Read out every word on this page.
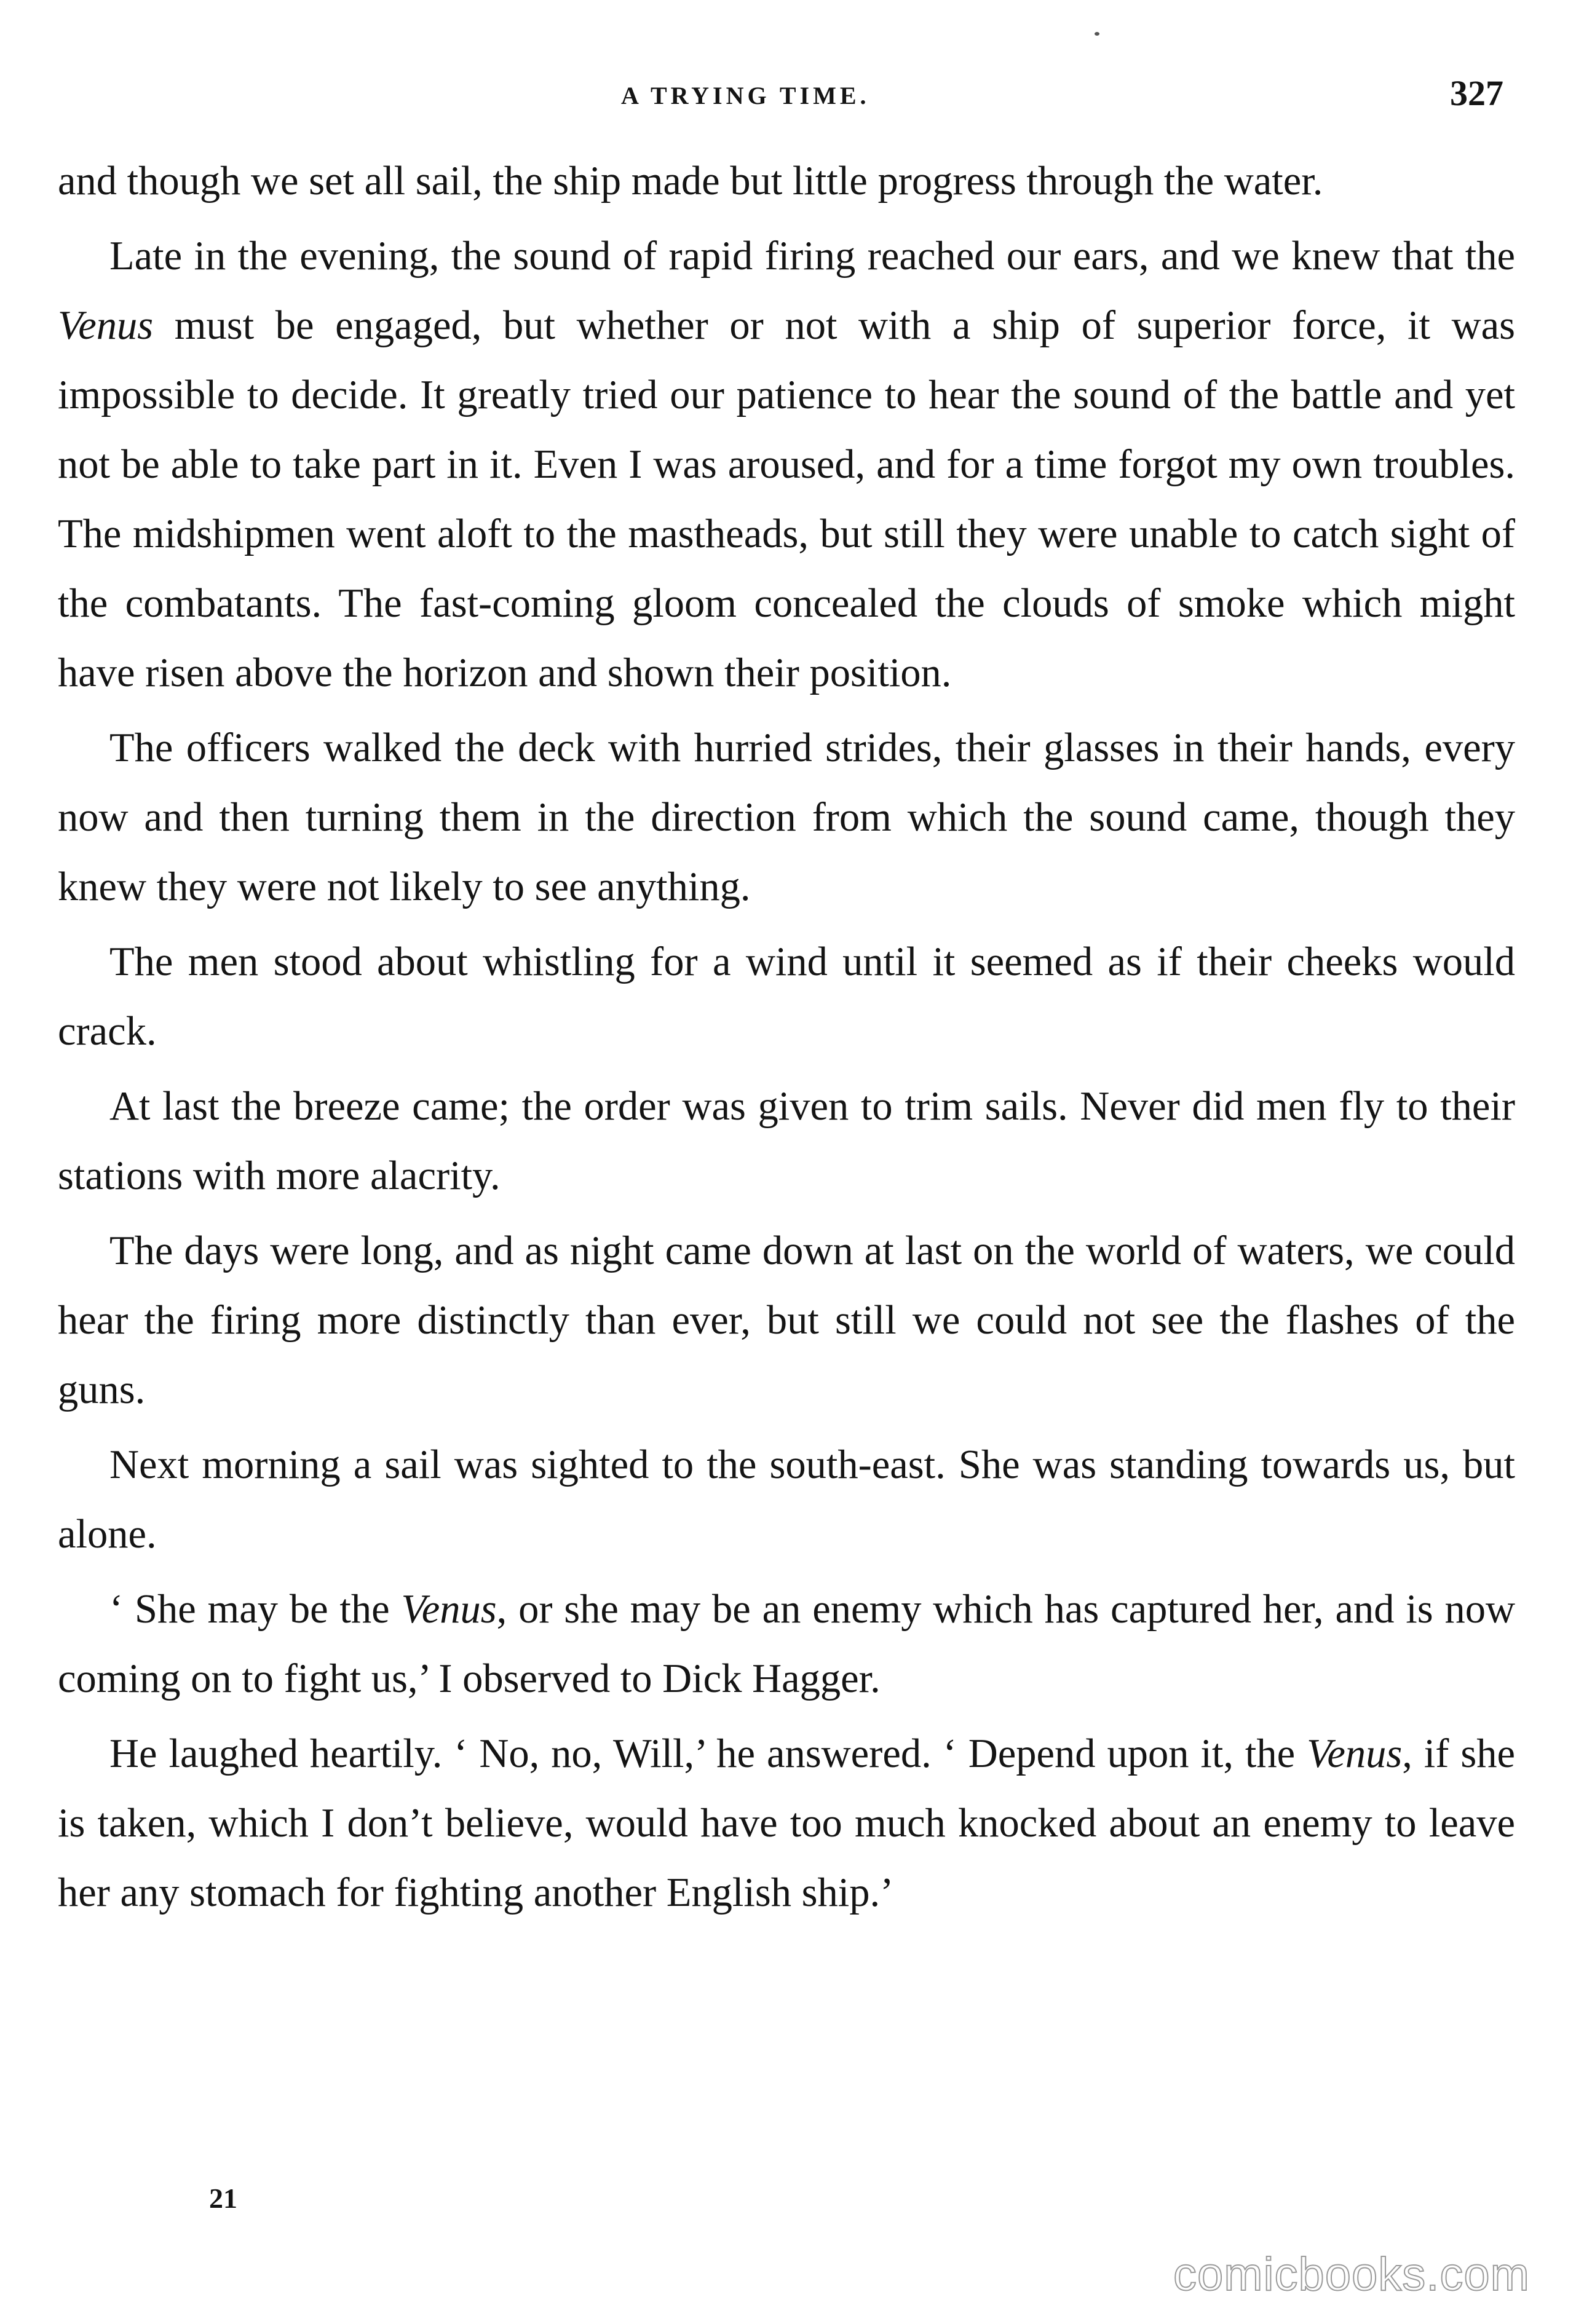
A TRYING TIME.	327

and though we set all sail, the ship made but little progress through the water.

Late in the evening, the sound of rapid firing reached our ears, and we knew that the Venus must be engaged, but whether or not with a ship of superior force, it was impossible to decide. It greatly tried our patience to hear the sound of the battle and yet not be able to take part in it. Even I was aroused, and for a time forgot my own troubles. The midshipmen went aloft to the mastheads, but still they were unable to catch sight of the combatants. The fast-coming gloom concealed the clouds of smoke which might have risen above the horizon and shown their position.

The officers walked the deck with hurried strides, their glasses in their hands, every now and then turning them in the direction from which the sound came, though they knew they were not likely to see anything.

The men stood about whistling for a wind until it seemed as if their cheeks would crack.

At last the breeze came; the order was given to trim sails. Never did men fly to their stations with more alacrity.

The days were long, and as night came down at last on the world of waters, we could hear the firing more distinctly than ever, but still we could not see the flashes of the guns.

Next morning a sail was sighted to the south-east. She was standing towards us, but alone.

‘ She may be the Venus, or she may be an enemy which has captured her, and is now coming on to fight us,’ I observed to Dick Hagger.

He laughed heartily. ‘ No, no, Will,’ he answered. ‘ Depend upon it, the Venus, if she is taken, which I don’t believe, would have too much knocked about an enemy to leave her any stomach for fighting another English ship.’

21
comicbooks.com
